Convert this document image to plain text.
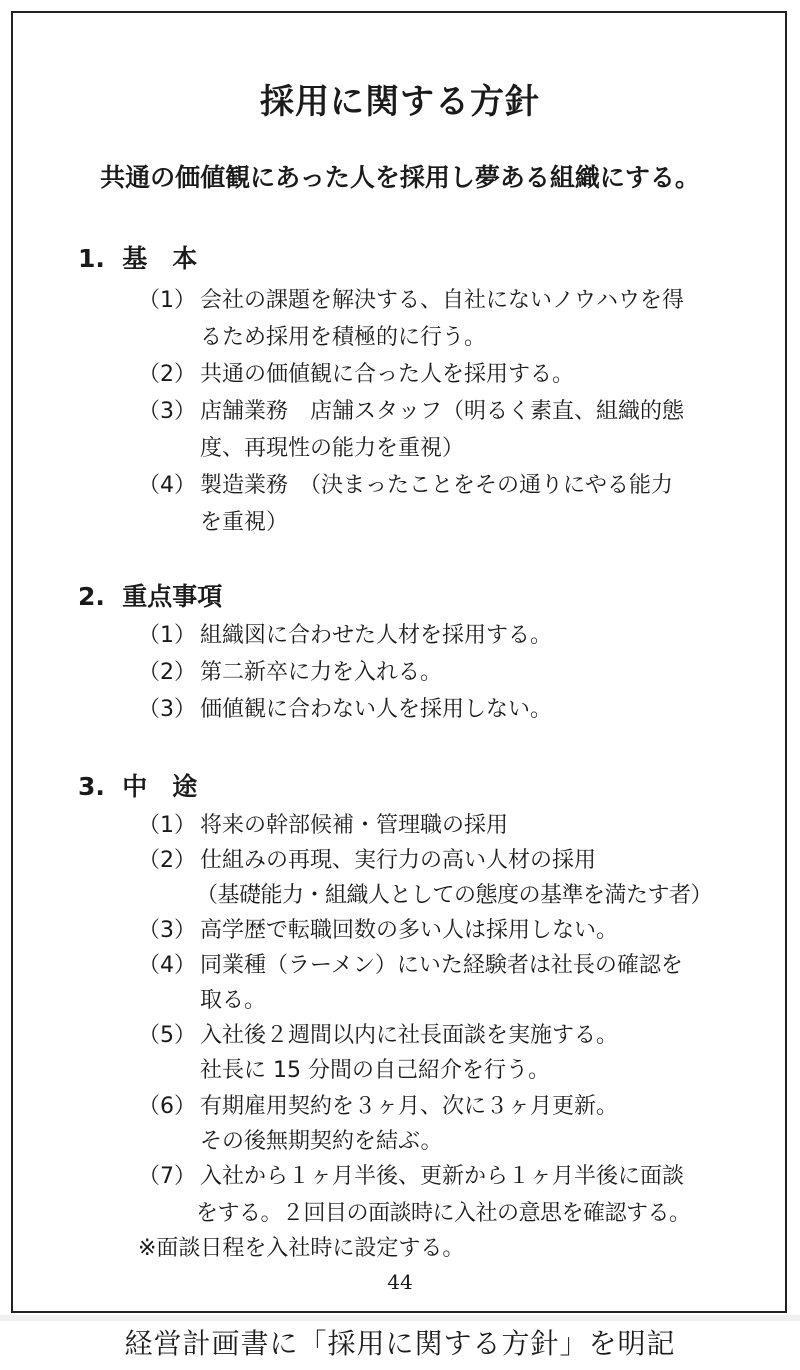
採用に関する方針
共通の価値観にあった人を採用し夢ある組織にする。
1.  基　本
（1） 会社の課題を解決する、自社にないノウハウを得
るため採用を積極的に行う。
（2） 共通の価値観に合った人を採用する。
（3） 店舗業務　店舗スタッフ（明るく素直、組織的態
度、再現性の能力を重視）
（4） 製造業務　（決まったことをその通りにやる能力
を重視）
2.  重点事項
（1） 組織図に合わせた人材を採用する。
（2） 第二新卒に力を入れる。
（3） 価値観に合わない人を採用しない。
3.  中　途
（1） 将来の幹部候補・管理職の採用
（2） 仕組みの再現、実行力の高い人材の採用
（基礎能力・組織人としての態度の基準を満たす者）
（3） 高学歴で転職回数の多い人は採用しない。
（4） 同業種（ラーメン）にいた経験者は社長の確認を
取る。
（5） 入社後２週間以内に社長面談を実施する。
社長に 15 分間の自己紹介を行う。
（6） 有期雇用契約を３ヶ月、次に３ヶ月更新。
その後無期契約を結ぶ。
（7） 入社から１ヶ月半後、更新から１ヶ月半後に面談
をする。２回目の面談時に入社の意思を確認する。
※面談日程を入社時に設定する。
44
経営計画書に「採用に関する方針」を明記
